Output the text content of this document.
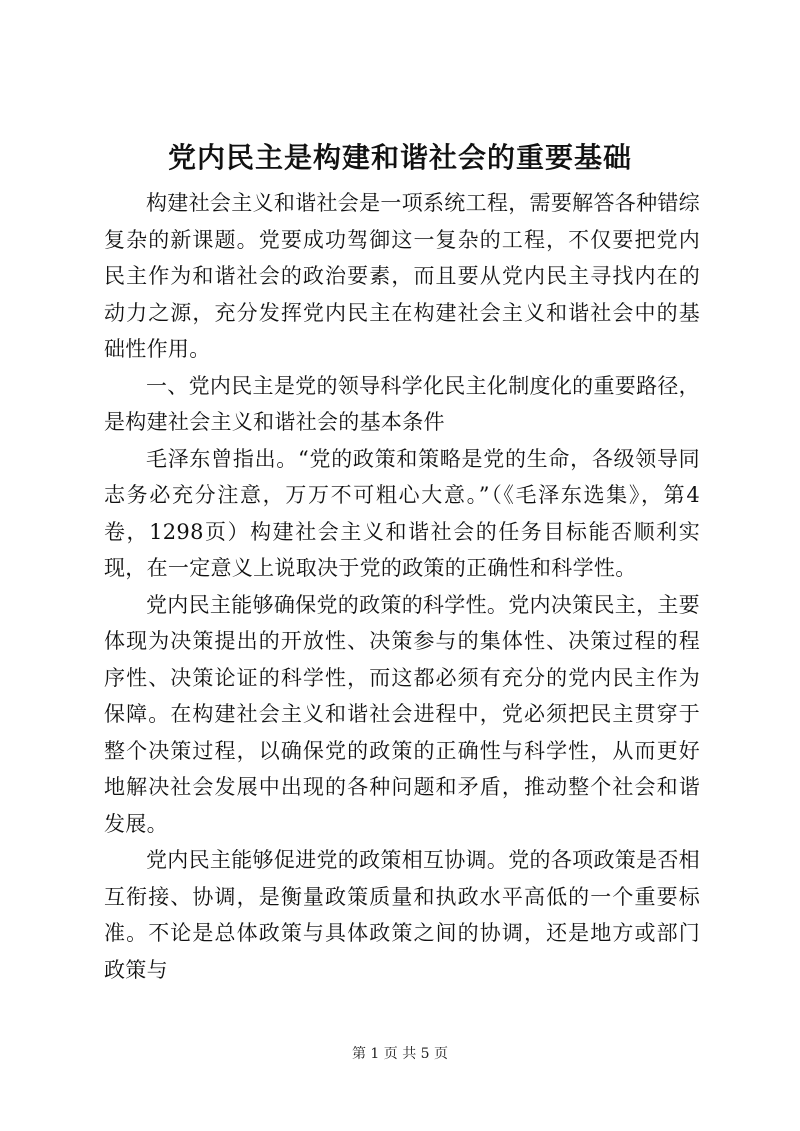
党内民主是构建和谐社会的重要基础

构建社会主义和谐社会是一项系统工程，需要解答各种错综复杂的新课题。党要成功驾御这一复杂的工程，不仅要把党内民主作为和谐社会的政治要素，而且要从党内民主寻找内在的动力之源，充分发挥党内民主在构建社会主义和谐社会中的基础性作用。

一、党内民主是党的领导科学化民主化制度化的重要路径，是构建社会主义和谐社会的基本条件

毛泽东曾指出。“党的政策和策略是党的生命，各级领导同志务必充分注意，万万不可粗心大意。”（《毛泽东选集》，第4卷，1298页）构建社会主义和谐社会的任务目标能否顺利实现，在一定意义上说取决于党的政策的正确性和科学性。

党内民主能够确保党的政策的科学性。党内决策民主，主要体现为决策提出的开放性、决策参与的集体性、决策过程的程序性、决策论证的科学性，而这都必须有充分的党内民主作为保障。在构建社会主义和谐社会进程中，党必须把民主贯穿于整个决策过程，以确保党的政策的正确性与科学性，从而更好地解决社会发展中出现的各种问题和矛盾，推动整个社会和谐发展。

党内民主能够促进党的政策相互协调。党的各项政策是否相互衔接、协调，是衡量政策质量和执政水平高低的一个重要标准。不论是总体政策与具体政策之间的协调，还是地方或部门政策与

第 1 页 共 5 页
